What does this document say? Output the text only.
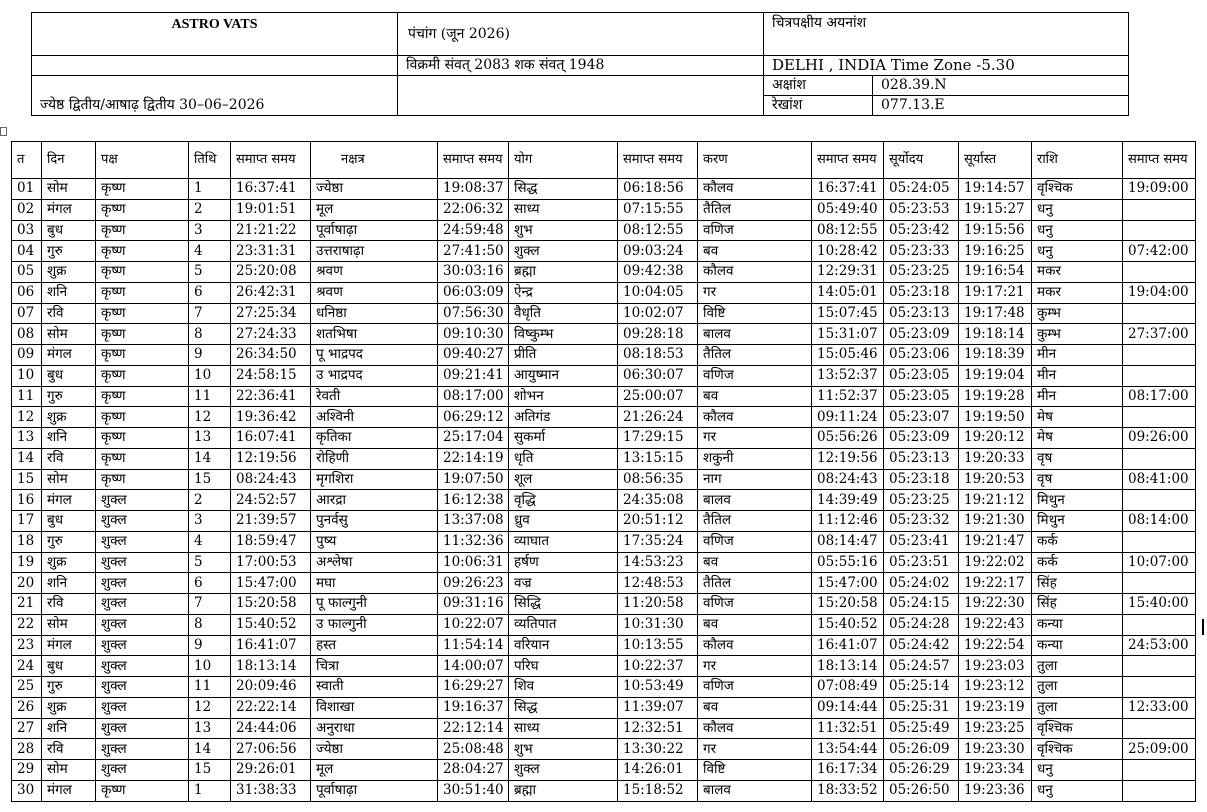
ASTRO VATS	पंचांग (जून 2026)	चित्रपक्षीय अयनांश	
	विक्रमी संवत् 2083 शक संवत् 1948	DELHI , INDIA Time Zone -5.30	
ज्येष्ठ द्वितीय/आषाढ़ द्वितीय 30–06–2026		अक्षांश	028.39.N
		रेखांश	077.13.E
त	दिन	पक्ष	तिथि	समाप्त समय	नक्षत्र	समाप्त समय	योग	समाप्त समय	करण	समाप्त समय	सूर्योदय	सूर्यास्त	राशि	समाप्त समय
01	सोम	कृष्ण	1	16:37:41	ज्येष्ठा	19:08:37	सिद्ध	06:18:56	कौलव	16:37:41	05:24:05	19:14:57	वृश्चिक	19:09:00
02	मंगल	कृष्ण	2	19:01:51	मूल	22:06:32	साध्य	07:15:55	तैतिल	05:49:40	05:23:53	19:15:27	धनु	
03	बुध	कृष्ण	3	21:21:22	पूर्वाषाढ़ा	24:59:48	शुभ	08:12:55	वणिज	08:12:55	05:23:42	19:15:56	धनु	
04	गुरु	कृष्ण	4	23:31:31	उत्तराषाढ़ा	27:41:50	शुक्ल	09:03:24	बव	10:28:42	05:23:33	19:16:25	धनु	07:42:00
05	शुक्र	कृष्ण	5	25:20:08	श्रवण	30:03:16	ब्रह्मा	09:42:38	कौलव	12:29:31	05:23:25	19:16:54	मकर	
06	शनि	कृष्ण	6	26:42:31	श्रवण	06:03:09	ऐन्द्र	10:04:05	गर	14:05:01	05:23:18	19:17:21	मकर	19:04:00
07	रवि	कृष्ण	7	27:25:34	धनिष्ठा	07:56:30	वैधृति	10:02:07	विष्टि	15:07:45	05:23:13	19:17:48	कुम्भ	
08	सोम	कृष्ण	8	27:24:33	शतभिषा	09:10:30	विष्कुम्भ	09:28:18	बालव	15:31:07	05:23:09	19:18:14	कुम्भ	27:37:00
09	मंगल	कृष्ण	9	26:34:50	पू भाद्रपद	09:40:27	प्रीति	08:18:53	तैतिल	15:05:46	05:23:06	19:18:39	मीन	
10	बुध	कृष्ण	10	24:58:15	उ भाद्रपद	09:21:41	आयुष्मान	06:30:07	वणिज	13:52:37	05:23:05	19:19:04	मीन	
11	गुरु	कृष्ण	11	22:36:41	रेवती	08:17:00	शोभन	25:00:07	बव	11:52:37	05:23:05	19:19:28	मीन	08:17:00
12	शुक्र	कृष्ण	12	19:36:42	अश्विनी	06:29:12	अतिगंड	21:26:24	कौलव	09:11:24	05:23:07	19:19:50	मेष	
13	शनि	कृष्ण	13	16:07:41	कृतिका	25:17:04	सुकर्मा	17:29:15	गर	05:56:26	05:23:09	19:20:12	मेष	09:26:00
14	रवि	कृष्ण	14	12:19:56	रोहिणी	22:14:19	धृति	13:15:15	शकुनी	12:19:56	05:23:13	19:20:33	वृष	
15	सोम	कृष्ण	15	08:24:43	मृगशिरा	19:07:50	शूल	08:56:35	नाग	08:24:43	05:23:18	19:20:53	वृष	08:41:00
16	मंगल	शुक्ल	2	24:52:57	आरद्रा	16:12:38	वृद्धि	24:35:08	बालव	14:39:49	05:23:25	19:21:12	मिथुन	
17	बुध	शुक्ल	3	21:39:57	पुनर्वसु	13:37:08	ध्रुव	20:51:12	तैतिल	11:12:46	05:23:32	19:21:30	मिथुन	08:14:00
18	गुरु	शुक्ल	4	18:59:47	पुष्य	11:32:36	व्याघात	17:35:24	वणिज	08:14:47	05:23:41	19:21:47	कर्क	
19	शुक्र	शुक्ल	5	17:00:53	अश्लेषा	10:06:31	हर्षण	14:53:23	बव	05:55:16	05:23:51	19:22:02	कर्क	10:07:00
20	शनि	शुक्ल	6	15:47:00	मघा	09:26:23	वज्र	12:48:53	तैतिल	15:47:00	05:24:02	19:22:17	सिंह	
21	रवि	शुक्ल	7	15:20:58	पू फाल्गुनी	09:31:16	सिद्धि	11:20:58	वणिज	15:20:58	05:24:15	19:22:30	सिंह	15:40:00
22	सोम	शुक्ल	8	15:40:52	उ फाल्गुनी	10:22:07	व्यतिपात	10:31:30	बव	15:40:52	05:24:28	19:22:43	कन्या	
23	मंगल	शुक्ल	9	16:41:07	हस्त	11:54:14	वरियान	10:13:55	कौलव	16:41:07	05:24:42	19:22:54	कन्या	24:53:00
24	बुध	शुक्ल	10	18:13:14	चित्रा	14:00:07	परिघ	10:22:37	गर	18:13:14	05:24:57	19:23:03	तुला	
25	गुरु	शुक्ल	11	20:09:46	स्वाती	16:29:27	शिव	10:53:49	वणिज	07:08:49	05:25:14	19:23:12	तुला	
26	शुक्र	शुक्ल	12	22:22:14	विशाखा	19:16:37	सिद्ध	11:39:07	बव	09:14:44	05:25:31	19:23:19	तुला	12:33:00
27	शनि	शुक्ल	13	24:44:06	अनुराधा	22:12:14	साध्य	12:32:51	कौलव	11:32:51	05:25:49	19:23:25	वृश्चिक	
28	रवि	शुक्ल	14	27:06:56	ज्येष्ठा	25:08:48	शुभ	13:30:22	गर	13:54:44	05:26:09	19:23:30	वृश्चिक	25:09:00
29	सोम	शुक्ल	15	29:26:01	मूल	28:04:27	शुक्ल	14:26:01	विष्टि	16:17:34	05:26:29	19:23:34	धनु	
30	मंगल	कृष्ण	1	31:38:33	पूर्वाषाढ़ा	30:51:40	ब्रह्मा	15:18:52	बालव	18:33:52	05:26:50	19:23:36	धनु	
